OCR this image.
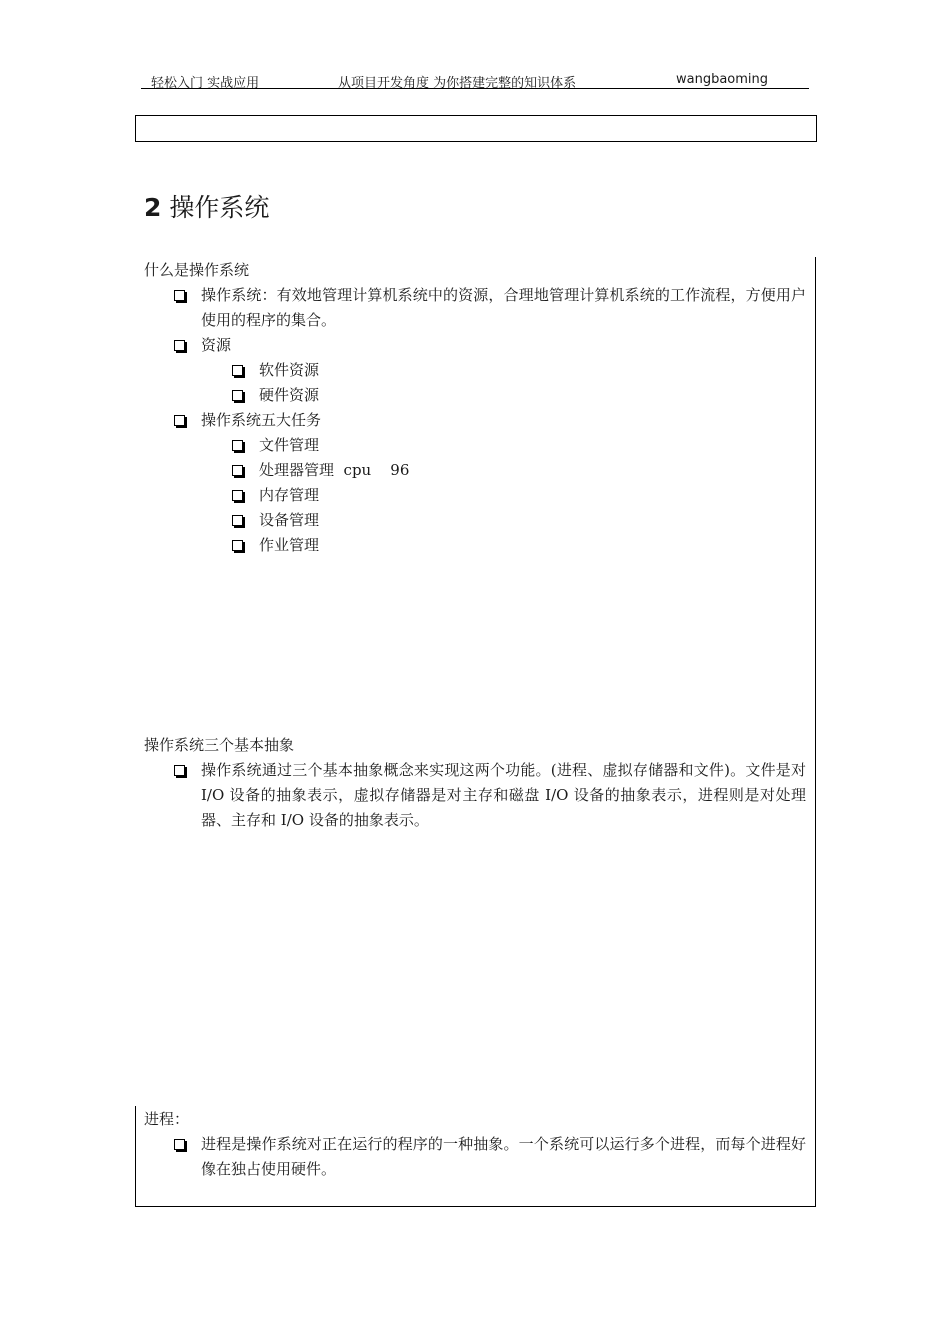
轻松入门 实战应用	从项目开发角度 为你搭建完整的知识体系	wangbaoming
2 操作系统
什么是操作系统
操作系统：有效地管理计算机系统中的资源，合理地管理计算机系统的工作流程，方便用户使用的程序的集合。
资源
软件资源
硬件资源
操作系统五大任务
文件管理
处理器管理  cpu    96
内存管理
设备管理
作业管理
操作系统三个基本抽象
操作系统通过三个基本抽象概念来实现这两个功能。(进程、虚拟存储器和文件)。文件是对 I/O 设备的抽象表示，虚拟存储器是对主存和磁盘 I/O 设备的抽象表示，进程则是对处理器、主存和 I/O 设备的抽象表示。
进程：
进程是操作系统对正在运行的程序的一种抽象。一个系统可以运行多个进程，而每个进程好像在独占使用硬件。
